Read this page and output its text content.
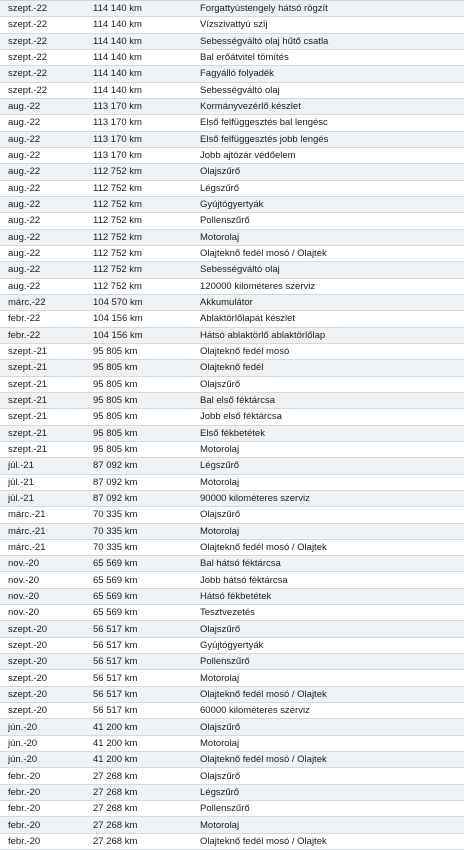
szept.-22	114 140 km	Forgattyústengely hátsó rögzít
szept.-22	114 140 km	Vízszivattyú szíj
szept.-22	114 140 km	Sebességváltó olaj hűtő csatla
szept.-22	114 140 km	Bal erőátvitel tömítés
szept.-22	114 140 km	Fagyálló folyadék
szept.-22	114 140 km	Sebességváltó olaj
aug.-22	113 170 km	Kormányvezérlő készlet
aug.-22	113 170 km	Első felfüggesztés bal lengésc
aug.-22	113 170 km	Első felfüggesztés jobb lengés
aug.-22	113 170 km	Jobb ajtózár védőelem
aug.-22	112 752 km	Olajszűrő
aug.-22	112 752 km	Légszűrő
aug.-22	112 752 km	Gyújtógyertyák
aug.-22	112 752 km	Pollenszűrő
aug.-22	112 752 km	Motorolaj
aug.-22	112 752 km	Olajteknő fedél mosó / Olajtek
aug.-22	112 752 km	Sebességváltó olaj
aug.-22	112 752 km	120000 kilométeres szerviz
márc.-22	104 570 km	Akkumulátor
febr.-22	104 156 km	Ablaktörlőlapát készlet
febr.-22	104 156 km	Hátsó ablaktörlő ablaktörlőlap
szept.-21	95 805 km	Olajteknő fedél mosó
szept.-21	95 805 km	Olajteknő fedél
szept.-21	95 805 km	Olajszűrő
szept.-21	95 805 km	Bal első féktárcsa
szept.-21	95 805 km	Jobb első féktárcsa
szept.-21	95 805 km	Első fékbetétek
szept.-21	95 805 km	Motorolaj
júl.-21	87 092 km	Légszűrő
júl.-21	87 092 km	Motorolaj
júl.-21	87 092 km	90000 kilométeres szerviz
márc.-21	70 335 km	Olajszűrő
márc.-21	70 335 km	Motorolaj
márc.-21	70 335 km	Olajteknő fedél mosó / Olajtek
nov.-20	65 569 km	Bal hátsó féktárcsa
nov.-20	65 569 km	Jobb hátsó féktárcsa
nov.-20	65 569 km	Hátsó fékbetétek
nov.-20	65 569 km	Tesztvezetés
szept.-20	56 517 km	Olajszűrő
szept.-20	56 517 km	Gyújtógyertyák
szept.-20	56 517 km	Pollenszűrő
szept.-20	56 517 km	Motorolaj
szept.-20	56 517 km	Olajteknő fedél mosó / Olajtek
szept.-20	56 517 km	60000 kilométeres szerviz
jún.-20	41 200 km	Olajszűrő
jún.-20	41 200 km	Motorolaj
jún.-20	41 200 km	Olajteknő fedél mosó / Olajtek
febr.-20	27 268 km	Olajszűrő
febr.-20	27 268 km	Légszűrő
febr.-20	27 268 km	Pollenszűrő
febr.-20	27 268 km	Motorolaj
febr.-20	27 268 km	Olajteknő fedél mosó / Olajtek
